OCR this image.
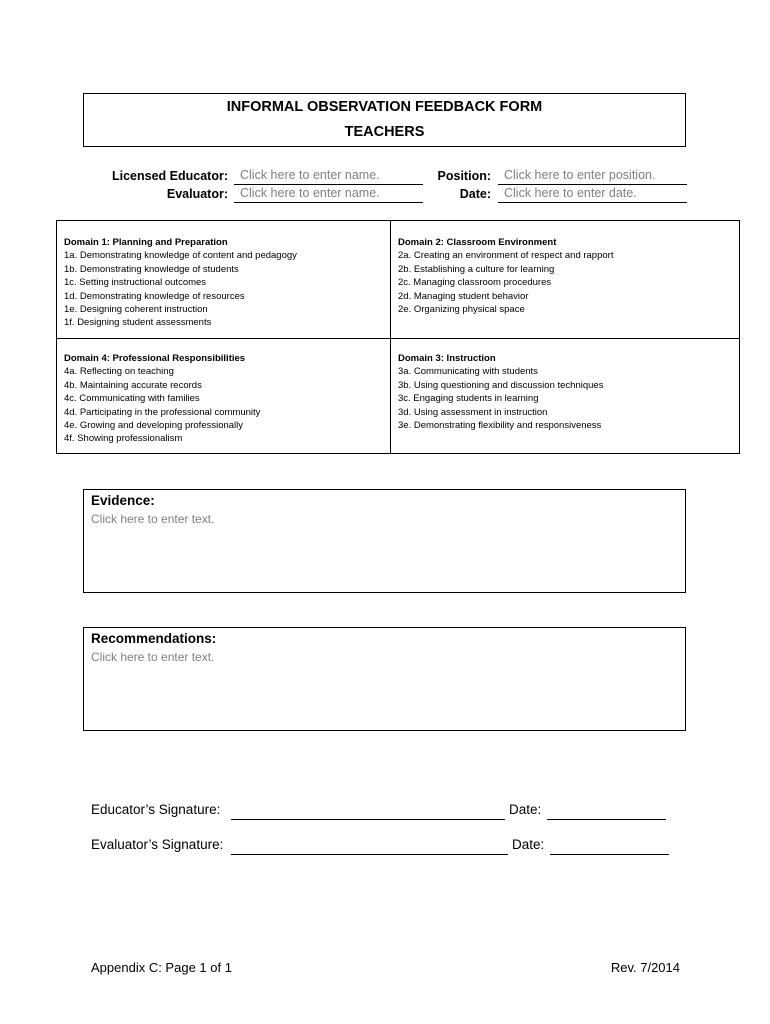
INFORMAL OBSERVATION FEEDBACK FORM
TEACHERS
Licensed Educator: Click here to enter name.
Evaluator: Click here to enter name.
Position:	Click here to enter position.
Date:	Click here to enter date.
Domain 1: Planning and Preparation
1a. Demonstrating knowledge of content and pedagogy
1b. Demonstrating knowledge of students
1c. Setting instructional outcomes
1d. Demonstrating knowledge of resources
1e. Designing coherent instruction
1f. Designing student assessments
Domain 2: Classroom Environment
2a. Creating an environment of respect and rapport
2b. Establishing a culture for learning
2c. Managing classroom procedures
2d. Managing student behavior
2e. Organizing physical space
Domain 4: Professional Responsibilities
4a. Reflecting on teaching
4b. Maintaining accurate records
4c. Communicating with families
4d. Participating in the professional community
4e. Growing and developing professionally
4f. Showing professionalism
Domain 3: Instruction
3a. Communicating with students
3b. Using questioning and discussion techniques
3c. Engaging students in learning
3d. Using assessment in instruction
3e. Demonstrating flexibility and responsiveness
Evidence:
Click here to enter text.
Recommendations:
Click here to enter text.
Educator’s Signature:	Date:
Evaluator’s Signature:	Date:
Appendix C: Page 1 of 1	Rev. 7/2014
